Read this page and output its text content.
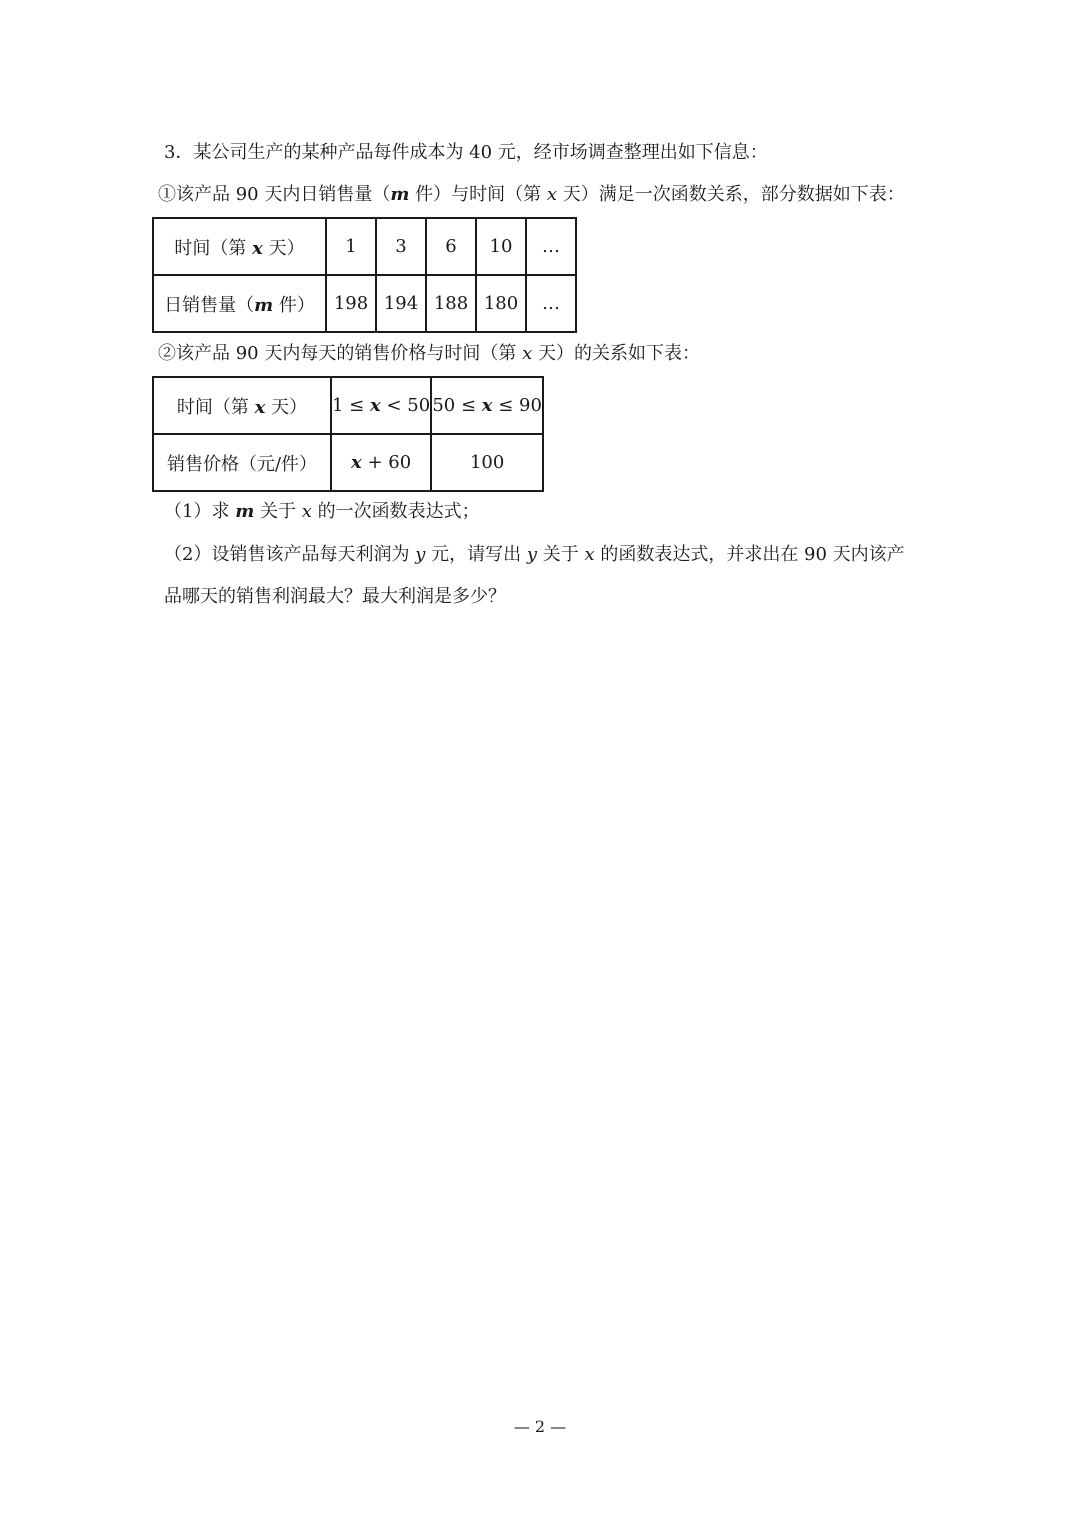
3．某公司生产的某种产品每件成本为 40 元，经市场调查整理出如下信息：
①该产品 90 天内日销售量（m 件）与时间（第 x 天）满足一次函数关系，部分数据如下表：
时间（第 x 天）	1	3	6	10	…
日销售量（m 件）	198	194	188	180	…
②该产品 90 天内每天的销售价格与时间（第 x 天）的关系如下表：
时间（第 x 天）	1 ≤ x < 50	50 ≤ x ≤ 90
销售价格（元/件）	x + 60	100
（1）求 m 关于 x 的一次函数表达式；
（2）设销售该产品每天利润为 y 元，请写出 y 关于 x 的函数表达式，并求出在 90 天内该产
品哪天的销售利润最大？最大利润是多少？
— 2 —
